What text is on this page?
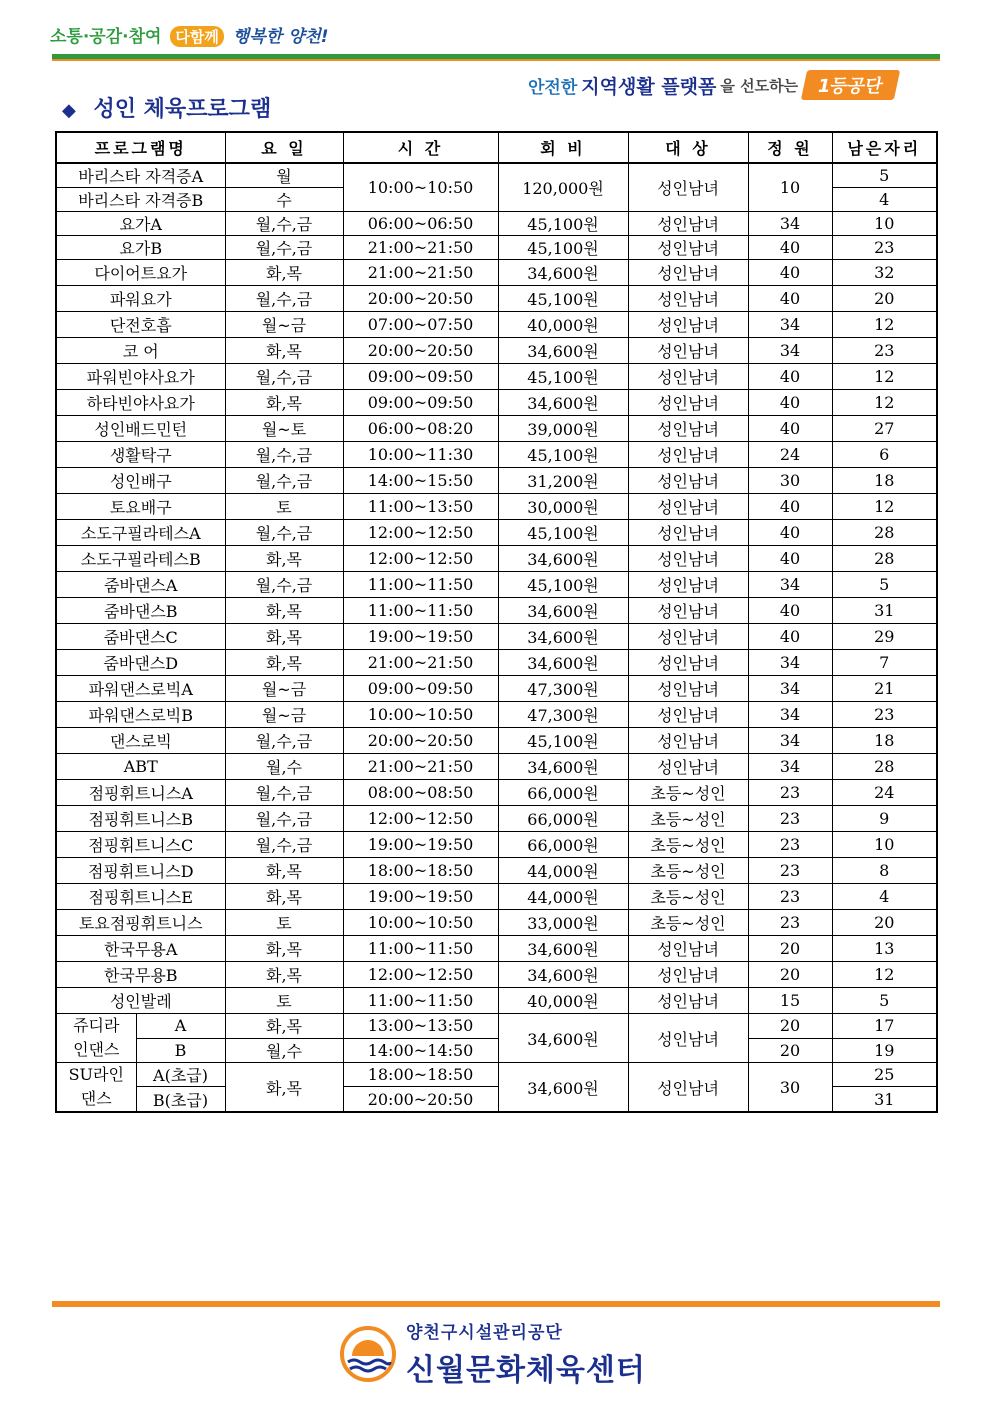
소통·공감·참여 다함께 행복한 양천!
안전한 지역생활 플랫폼 을 선도하는 1등공단
◆ 성인 체육프로그램
프로그램명		요 일	시 간	회 비	대 상	정 원	남은자리
바리스타 자격증A		월	10:00~10:50	120,000원	성인남녀	10	5
바리스타 자격증B		수					4
요가A		월,수,금	06:00~06:50	45,100원	성인남녀	34	10
요가B		월,수,금	21:00~21:50	45,100원	성인남녀	40	23
다이어트요가		화,목	21:00~21:50	34,600원	성인남녀	40	32
파워요가		월,수,금	20:00~20:50	45,100원	성인남녀	40	20
단전호흡		월~금	07:00~07:50	40,000원	성인남녀	34	12
코 어		화,목	20:00~20:50	34,600원	성인남녀	34	23
파워빈야사요가		월,수,금	09:00~09:50	45,100원	성인남녀	40	12
하타빈야사요가		화,목	09:00~09:50	34,600원	성인남녀	40	12
성인배드민턴		월~토	06:00~08:20	39,000원	성인남녀	40	27
생활탁구		월,수,금	10:00~11:30	45,100원	성인남녀	24	6
성인배구		월,수,금	14:00~15:50	31,200원	성인남녀	30	18
토요배구		토	11:00~13:50	30,000원	성인남녀	40	12
소도구필라테스A		월,수,금	12:00~12:50	45,100원	성인남녀	40	28
소도구필라테스B		화,목	12:00~12:50	34,600원	성인남녀	40	28
줌바댄스A		월,수,금	11:00~11:50	45,100원	성인남녀	34	5
줌바댄스B		화,목	11:00~11:50	34,600원	성인남녀	40	31
줌바댄스C		화,목	19:00~19:50	34,600원	성인남녀	40	29
줌바댄스D		화,목	21:00~21:50	34,600원	성인남녀	34	7
파워댄스로빅A		월~금	09:00~09:50	47,300원	성인남녀	34	21
파워댄스로빅B		월~금	10:00~10:50	47,300원	성인남녀	34	23
댄스로빅		월,수,금	20:00~20:50	45,100원	성인남녀	34	18
ABT		월,수	21:00~21:50	34,600원	성인남녀	34	28
점핑휘트니스A		월,수,금	08:00~08:50	66,000원	초등~성인	23	24
점핑휘트니스B		월,수,금	12:00~12:50	66,000원	초등~성인	23	9
점핑휘트니스C		월,수,금	19:00~19:50	66,000원	초등~성인	23	10
점핑휘트니스D		화,목	18:00~18:50	44,000원	초등~성인	23	8
점핑휘트니스E		화,목	19:00~19:50	44,000원	초등~성인	23	4
토요점핑휘트니스		토	10:00~10:50	33,000원	초등~성인	23	20
한국무용A		화,목	11:00~11:50	34,600원	성인남녀	20	13
한국무용B		화,목	12:00~12:50	34,600원	성인남녀	20	12
성인발레		토	11:00~11:50	40,000원	성인남녀	15	5
쥬디라
인댄스	A	화,목	13:00~13:50	34,600원	성인남녀	20	17
	B	월,수	14:00~14:50			20	19
SU라인
댄스	A(초급)	화,목	18:00~18:50	34,600원	성인남녀	30	25
	B(초급)		20:00~20:50				31
양천구시설관리공단
신월문화체육센터
